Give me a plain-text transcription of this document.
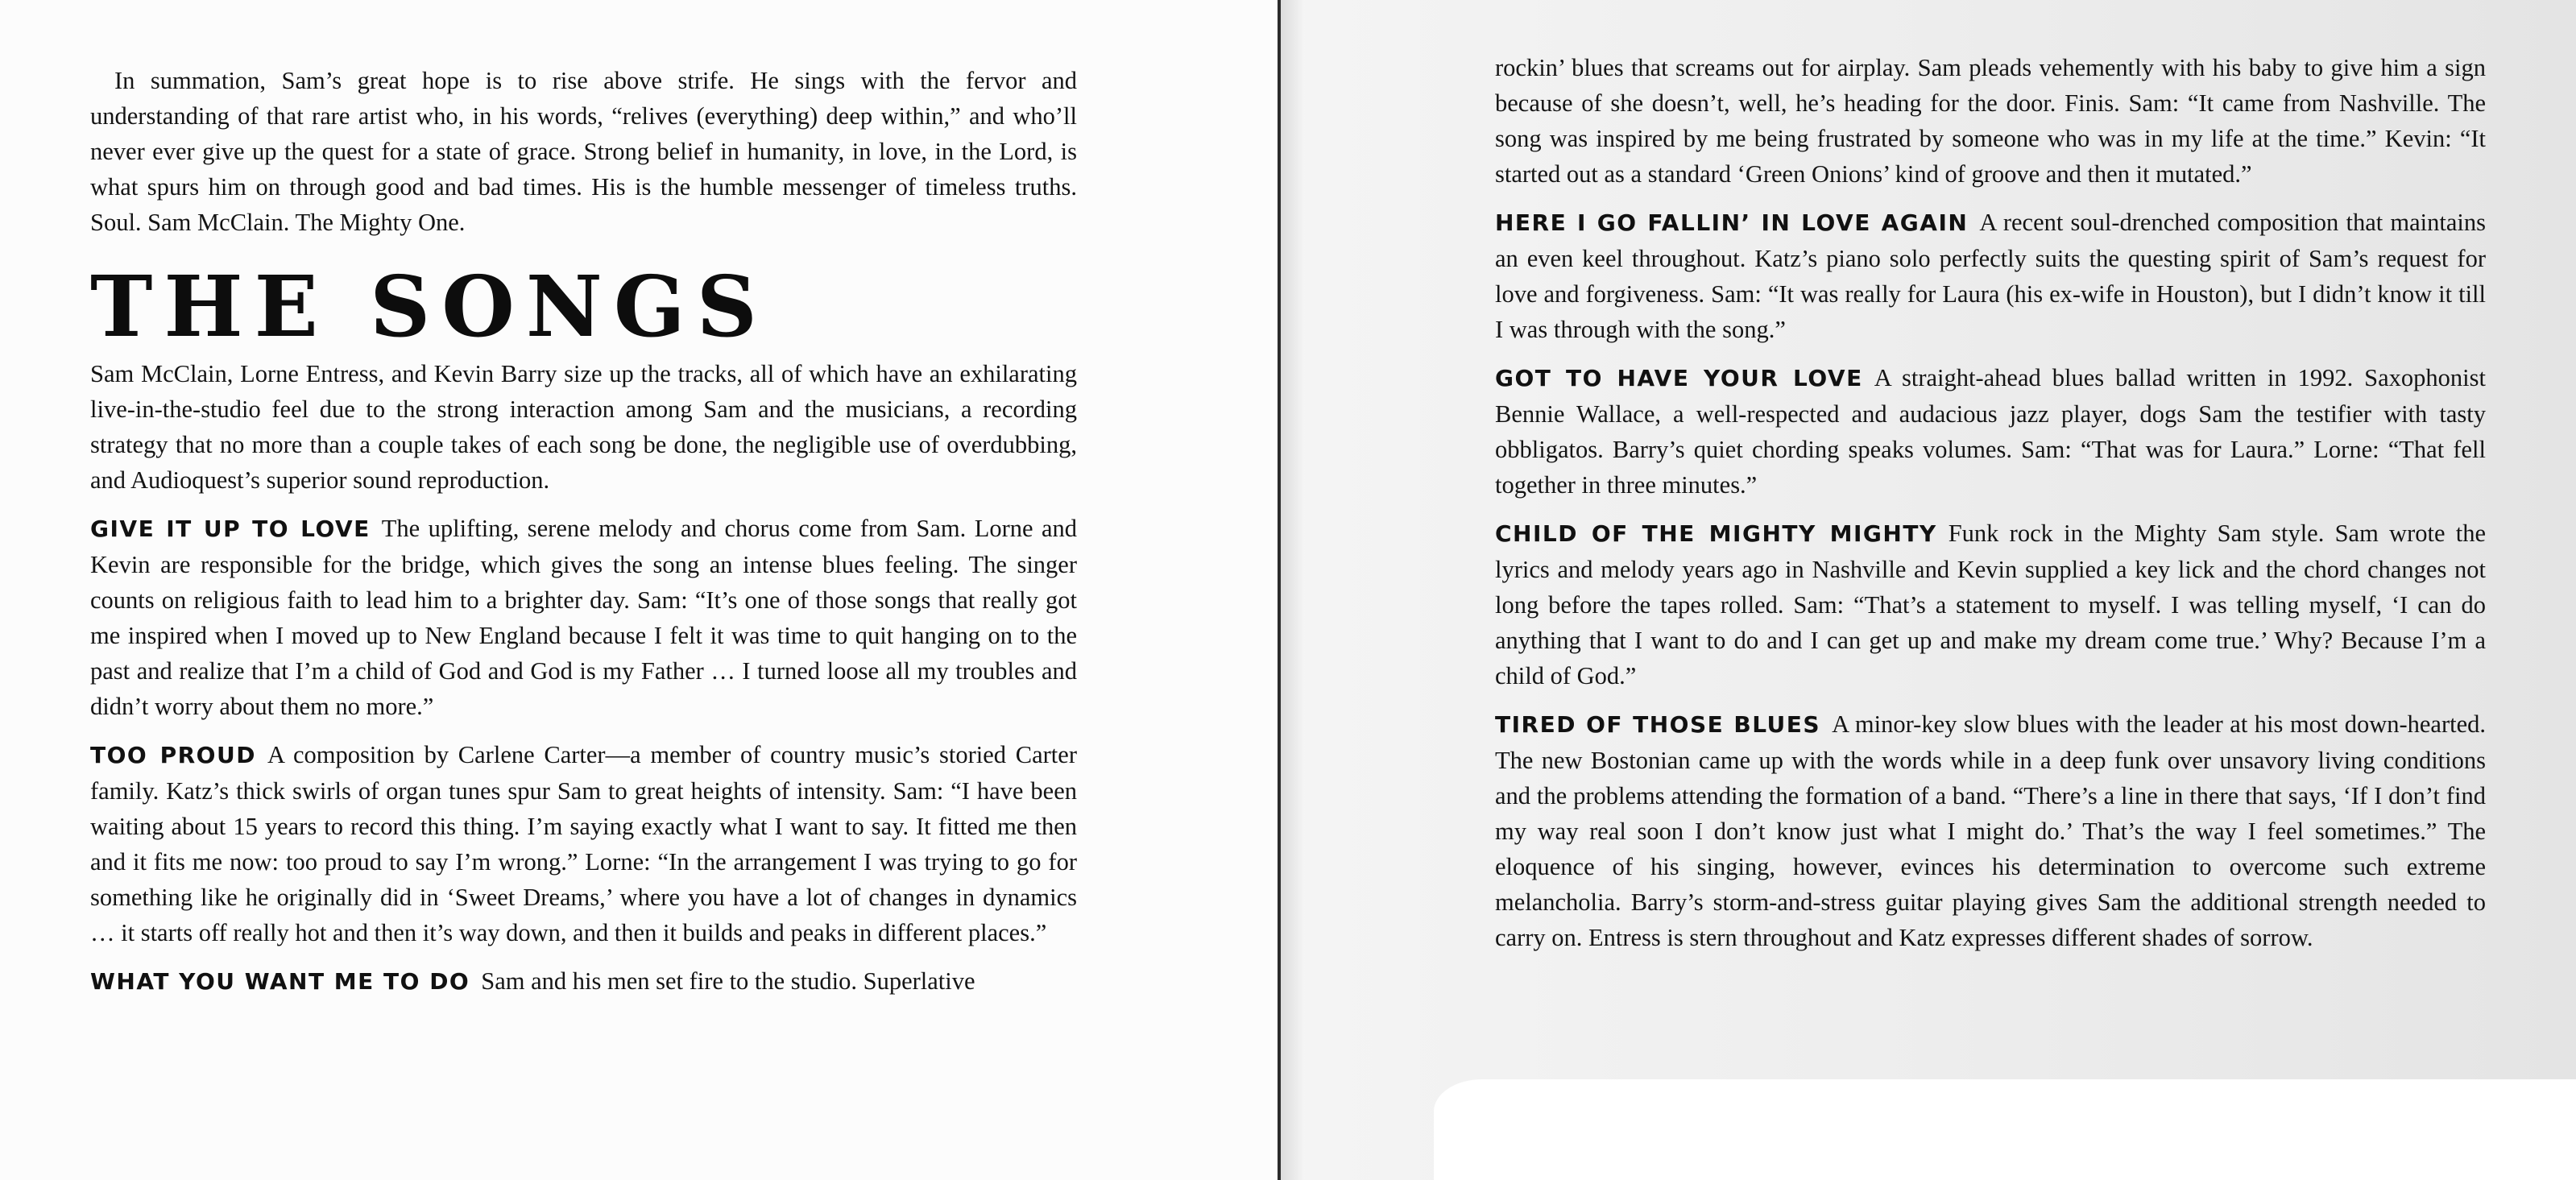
In summation, Sam’s great hope is to rise above strife. He sings with the fervor and understanding of that rare artist who, in his words, “relives (everything) deep within,” and who’ll never ever give up the quest for a state of grace. Strong belief in humanity, in love, in the Lord, is what spurs him on through good and bad times. His is the humble messenger of timeless truths. Soul. Sam McClain. The Mighty One.

THE SONGS

Sam McClain, Lorne Entress, and Kevin Barry size up the tracks, all of which have an exhilarating live-in-the-studio feel due to the strong interaction among Sam and the musicians, a recording strategy that no more than a couple takes of each song be done, the negligible use of overdubbing, and Audioquest’s superior sound reproduction.

GIVE IT UP TO LOVE The uplifting, serene melody and chorus come from Sam. Lorne and Kevin are responsible for the bridge, which gives the song an intense blues feeling. The singer counts on religious faith to lead him to a brighter day. Sam: “It’s one of those songs that really got me inspired when I moved up to New England because I felt it was time to quit hanging on to the past and realize that I’m a child of God and God is my Father … I turned loose all my troubles and didn’t worry about them no more.”

TOO PROUD A composition by Carlene Carter—a member of country music’s storied Carter family. Katz’s thick swirls of organ tunes spur Sam to great heights of intensity. Sam: “I have been waiting about 15 years to record this thing. I’m saying exactly what I want to say. It fitted me then and it fits me now: too proud to say I’m wrong.” Lorne: “In the arrangement I was trying to go for something like he originally did in ‘Sweet Dreams,’ where you have a lot of changes in dynamics … it starts off really hot and then it’s way down, and then it builds and peaks in different places.”

WHAT YOU WANT ME TO DO Sam and his men set fire to the studio. Superlative

rockin’ blues that screams out for airplay. Sam pleads vehemently with his baby to give him a sign because of she doesn’t, well, he’s heading for the door. Finis. Sam: “It came from Nashville. The song was inspired by me being frustrated by someone who was in my life at the time.” Kevin: “It started out as a standard ‘Green Onions’ kind of groove and then it mutated.”

HERE I GO FALLIN’ IN LOVE AGAIN A recent soul-drenched composition that maintains an even keel throughout. Katz’s piano solo perfectly suits the questing spirit of Sam’s request for love and forgiveness. Sam: “It was really for Laura (his ex-wife in Houston), but I didn’t know it till I was through with the song.”

GOT TO HAVE YOUR LOVE A straight-ahead blues ballad written in 1992. Saxophonist Bennie Wallace, a well-respected and audacious jazz player, dogs Sam the testifier with tasty obbligatos. Barry’s quiet chording speaks volumes. Sam: “That was for Laura.” Lorne: “That fell together in three minutes.”

CHILD OF THE MIGHTY MIGHTY Funk rock in the Mighty Sam style. Sam wrote the lyrics and melody years ago in Nashville and Kevin supplied a key lick and the chord changes not long before the tapes rolled. Sam: “That’s a statement to myself. I was telling myself, ‘I can do anything that I want to do and I can get up and make my dream come true.’ Why? Because I’m a child of God.”

TIRED OF THOSE BLUES A minor-key slow blues with the leader at his most down-hearted. The new Bostonian came up with the words while in a deep funk over unsavory living conditions and the problems attending the formation of a band. “There’s a line in there that says, ‘If I don’t find my way real soon I don’t know just what I might do.’ That’s the way I feel sometimes.” The eloquence of his singing, however, evinces his determination to overcome such extreme melancholia. Barry’s storm-and-stress guitar playing gives Sam the additional strength needed to carry on. Entress is stern throughout and Katz expresses different shades of sorrow.
